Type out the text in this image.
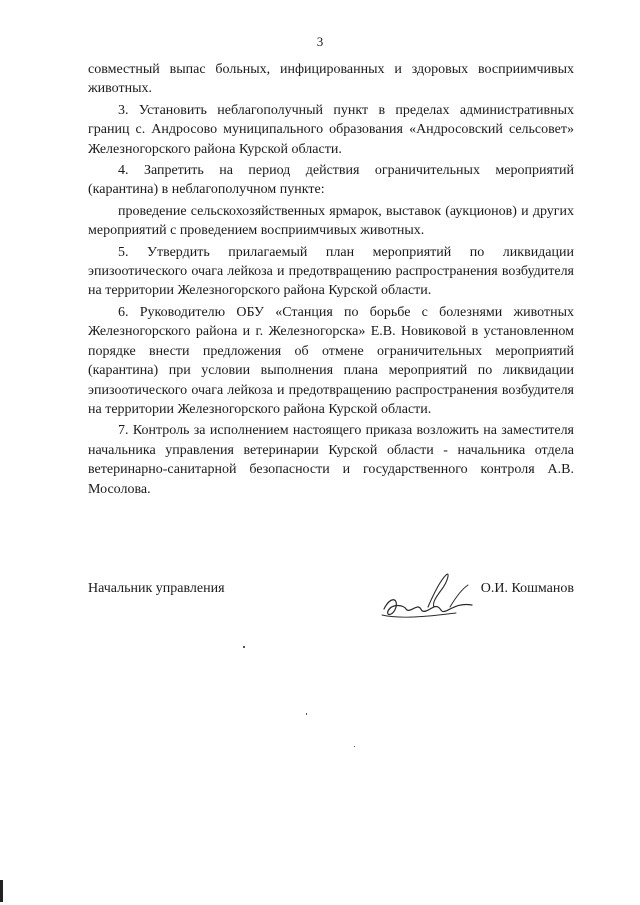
3

совместный выпас больных, инфицированных и здоровых восприимчивых животных.

3. Установить неблагополучный пункт в пределах административных границ с. Андросово муниципального образования «Андросовский сельсовет» Железногорского района Курской области.

4. Запретить на период действия ограничительных мероприятий (карантина) в неблагополучном пункте:

проведение сельскохозяйственных ярмарок, выставок (аукционов) и других мероприятий с проведением восприимчивых животных.

5. Утвердить прилагаемый план мероприятий по ликвидации эпизоотического очага лейкоза и предотвращению распространения возбудителя на территории Железногорского района Курской области.

6. Руководителю ОБУ «Станция по борьбе с болезнями животных Железногорского района и г. Железногорска» Е.В. Новиковой в установленном порядке внести предложения об отмене ограничительных мероприятий (карантина) при условии выполнения плана мероприятий по ликвидации эпизоотического очага лейкоза и предотвращению распространения возбудителя на территории Железногорского района Курской области.

7. Контроль за исполнением настоящего приказа возложить на заместителя начальника управления ветеринарии Курской области - начальника отдела ветеринарно-санитарной безопасности и государственного контроля А.В. Мосолова.

Начальник управления	О.И. Кошманов
